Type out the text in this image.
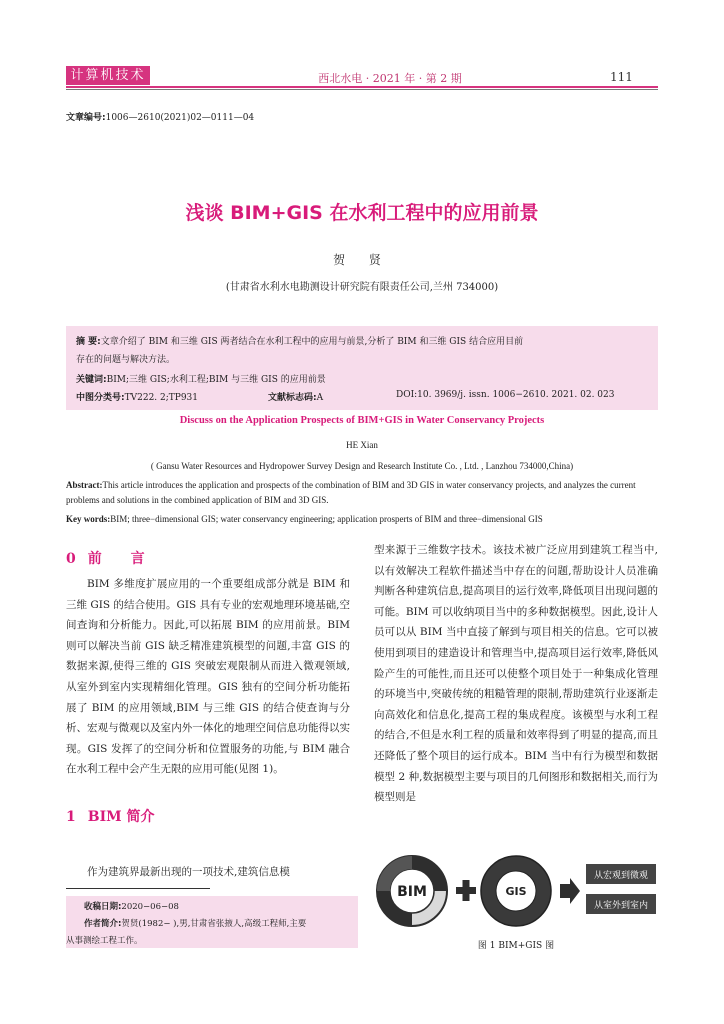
计算机技术	西北水电 · 2021 年 · 第 2 期	111
文章编号:1006—2610(2021)02—0111—04
浅谈 BIM+GIS 在水利工程中的应用前景
贺 贤
(甘肃省水利水电勘测设计研究院有限责任公司,兰州 734000)
摘 要:文章介绍了 BIM 和三维 GIS 两者结合在水利工程中的应用与前景,分析了 BIM 和三维 GIS 结合应用目前
存在的问题与解决方法。
关键词:BIM;三维 GIS;水利工程;BIM 与三维 GIS 的应用前景
中图分类号:TV222. 2;TP931	文献标志码:A	DOI:10. 3969/j. issn. 1006−2610. 2021. 02. 023
Discuss on the Application Prospects of BIM+GIS in Water Conservancy Projects
HE Xian
( Gansu Water Resources and Hydropower Survey Design and Research Institute Co. , Ltd. , Lanzhou 734000,China)
Abstract:This article introduces the application and prospects of the combination of BIM and 3D GIS in water conservancy projects, and analyzes the current problems and solutions in the combined application of BIM and 3D GIS.
Key words:BIM; three−dimensional GIS; water conservancy engineering; application prosperts of BIM and three−dimensional GIS
0前 言

BIM 多维度扩展应用的一个重要组成部分就是 BIM 和三维 GIS 的结合使用。GIS 具有专业的宏观地理环境基础,空间查询和分析能力。因此,可以拓展 BIM 的应用前景。BIM 则可以解决当前 GIS 缺乏精准建筑模型的问题,丰富 GIS 的数据来源,使得三维的 GIS 突破宏观限制从而进入微观领域,从室外到室内实现精细化管理。GIS 独有的空间分析功能拓展了 BIM 的应用领域,BIM 与三维 GIS 的结合使查询与分析、宏观与微观以及室内外一体化的地理空间信息功能得以实现。GIS 发挥了的空间分析和位置服务的功能,与 BIM 融合在水利工程中会产生无限的应用可能(见图 1)。

1BIM 简介

作为建筑界最新出现的一项技术,建筑信息模

收稿日期:2020−06−08
作者简介:贺贤(1982− ),男,甘肃省张掖人,高级工程师,主要
从事测绘工程工作。

型来源于三维数字技术。该技术被广泛应用到建筑工程当中,以有效解决工程软件描述当中存在的问题,帮助设计人员准确判断各种建筑信息,提高项目的运行效率,降低项目出现问题的可能。BIM 可以收纳项目当中的多种数据模型。因此,设计人员可以从 BIM 当中直接了解到与项目相关的信息。它可以被使用到项目的建造设计和管理当中,提高项目运行效率,降低风险产生的可能性,而且还可以使整个项目处于一种集成化管理的环境当中,突破传统的粗糙管理的限制,帮助建筑行业逐渐走向高效化和信息化,提高工程的集成程度。该模型与水利工程的结合,不但是水利工程的质量和效率得到了明显的提高,而且还降低了整个项目的运行成本。BIM 当中有行为模型和数据模型 2 种,数据模型主要与项目的几何图形和数据相关,而行为模型则是

BIM	GIS
从宏观到微观
从室外到室内
图 1 BIM+GIS 图
